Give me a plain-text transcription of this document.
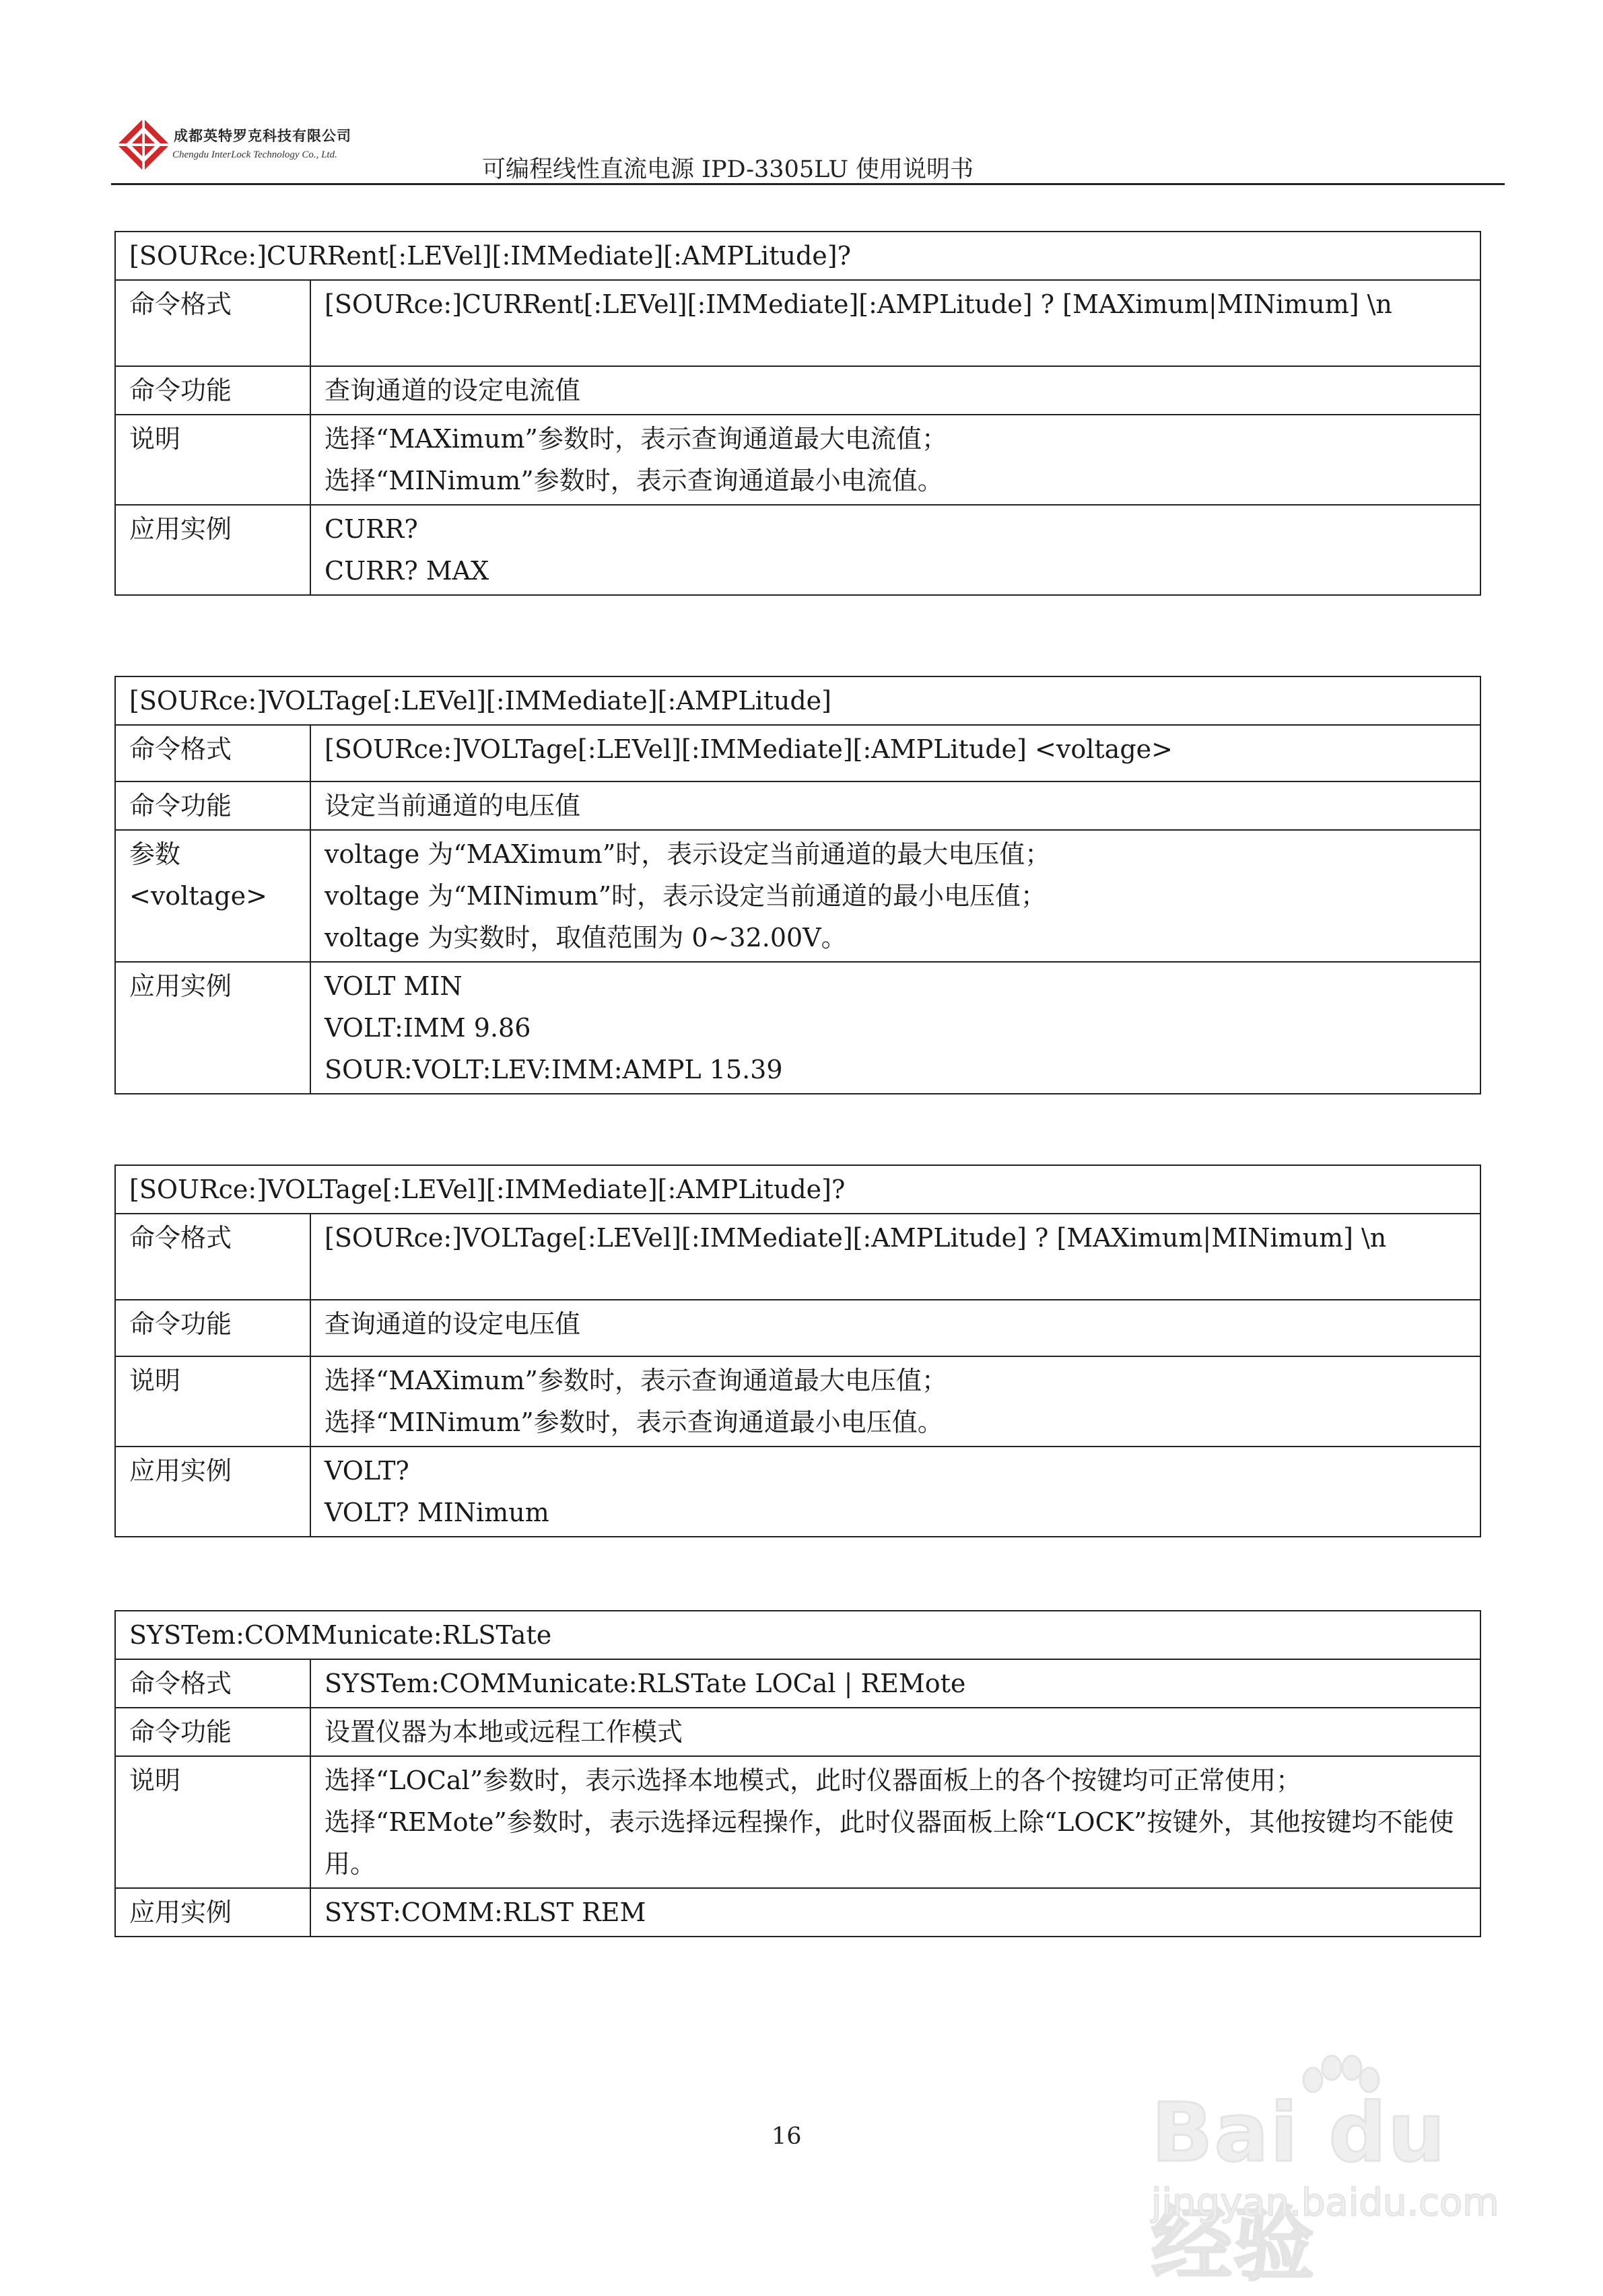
成都英特罗克科技有限公司
Chengdu InterLock Technology Co., Ltd.
可编程线性直流电源 IPD-3305LU 使用说明书
[SOURce:]CURRent[:LEVel][:IMMediate][:AMPLitude]?	

命令格式	[SOURce:]CURRent[:LEVel][:IMMediate][:AMPLitude] ? [MAXimum|MINimum] \n

命令功能	查询通道的设定电流值

说明	选择“MAXimum”参数时，表示查询通道最大电流值；
选择“MINimum”参数时，表示查询通道最小电流值。

应用实例	CURR?
CURR? MAX
[SOURce:]VOLTage[:LEVel][:IMMediate][:AMPLitude]	

命令格式	[SOURce:]VOLTage[:LEVel][:IMMediate][:AMPLitude] <voltage>

命令功能	设定当前通道的电压值

参数
<voltage>	voltage 为“MAXimum”时，表示设定当前通道的最大电压值；
voltage 为“MINimum”时，表示设定当前通道的最小电压值；
voltage 为实数时，取值范围为 0~32.00V。

应用实例	VOLT MIN
VOLT:IMM 9.86
SOUR:VOLT:LEV:IMM:AMPL 15.39
[SOURce:]VOLTage[:LEVel][:IMMediate][:AMPLitude]?	

命令格式	[SOURce:]VOLTage[:LEVel][:IMMediate][:AMPLitude] ? [MAXimum|MINimum] \n

命令功能	查询通道的设定电压值

说明	选择“MAXimum”参数时，表示查询通道最大电压值；
选择“MINimum”参数时，表示查询通道最小电压值。

应用实例	VOLT?
VOLT? MINimum
SYSTem:COMMunicate:RLSTate	

命令格式	SYSTem:COMMunicate:RLSTate LOCal | REMote

命令功能	设置仪器为本地或远程工作模式

说明	选择“LOCal”参数时，表示选择本地模式，此时仪器面板上的各个按键均可正常使用；
选择“REMote”参数时，表示选择远程操作，此时仪器面板上除“LOCK”按键外，其他按键均不能使用。

应用实例	SYST:COMM:RLST REM
16	Bai du 经验
jingyan.baidu.com
